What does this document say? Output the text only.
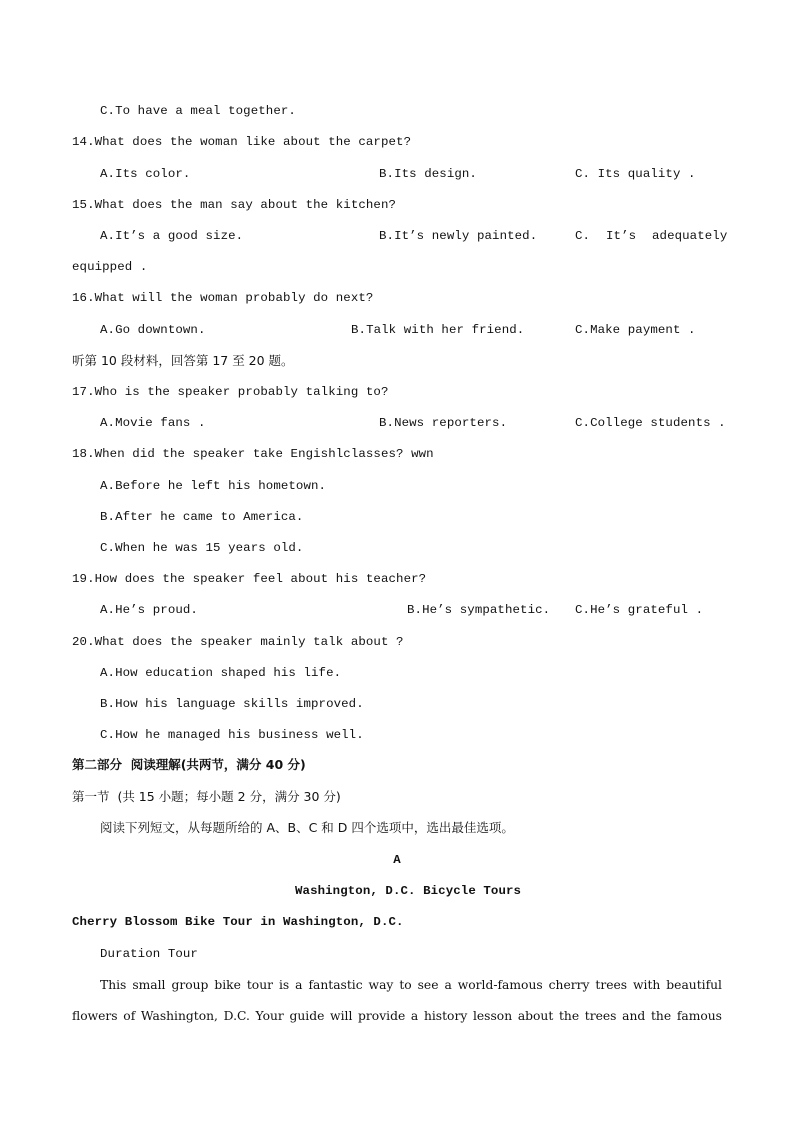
C.To have a meal together.
14.What does the woman like about the carpet?
A.Its color.	B.Its design.	C. Its quality .
15.What does the man say about the kitchen?
A.It’s a good size.	B.It’s newly painted.	C. It’s adequately
equipped .
16.What will the woman probably do next?
A.Go downtown.	B.Talk with her friend.	C.Make payment .
听第 10 段材料，回答第 17 至 20 题。
17.Who is the speaker probably talking to?
A.Movie fans .	B.News reporters.	C.College students .
18.When did the speaker take Engishlclasses? wwn
A.Before he left his hometown.
B.After he came to America.
C.When he was 15 years old.
19.How does the speaker feel about his teacher?
A.He’s proud.	B.He’s sympathetic. C.He’s grateful .
20.What does the speaker mainly talk about ?
A.How education shaped his life.
B.How his language skills improved.
C.How he managed his business well.
第二部分  阅读理解(共两节，满分 40 分)
第一节  (共 15 小题；每小题 2 分，满分 30 分)
阅读下列短文，从每题所给的 A、B、C 和 D 四个选项中，选出最佳选项。
A
Washington, D.C. Bicycle Tours
Cherry Blossom Bike Tour in Washington, D.C.
Duration Tour
This small group bike tour is a fantastic way to see a world-famous cherry trees with beautiful
flowers of Washington, D.C. Your guide will provide a history lesson about the trees and the famous
